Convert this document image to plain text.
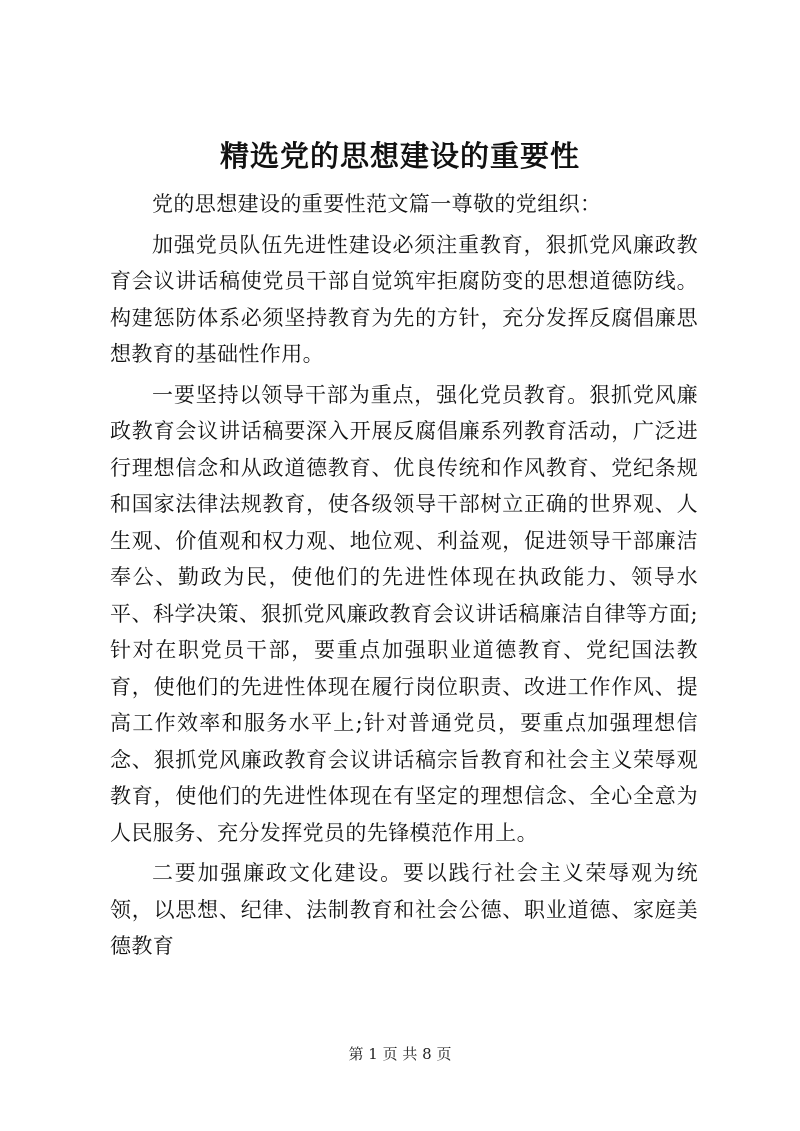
精选党的思想建设的重要性

党的思想建设的重要性范文篇一尊敬的党组织：

加强党员队伍先进性建设必须注重教育，狠抓党风廉政教育会议讲话稿使党员干部自觉筑牢拒腐防变的思想道德防线。构建惩防体系必须坚持教育为先的方针，充分发挥反腐倡廉思想教育的基础性作用。

一要坚持以领导干部为重点，强化党员教育。狠抓党风廉政教育会议讲话稿要深入开展反腐倡廉系列教育活动，广泛进行理想信念和从政道德教育、优良传统和作风教育、党纪条规和国家法律法规教育，使各级领导干部树立正确的世界观、人生观、价值观和权力观、地位观、利益观，促进领导干部廉洁奉公、勤政为民，使他们的先进性体现在执政能力、领导水平、科学决策、狠抓党风廉政教育会议讲话稿廉洁自律等方面;针对在职党员干部，要重点加强职业道德教育、党纪国法教育，使他们的先进性体现在履行岗位职责、改进工作作风、提高工作效率和服务水平上;针对普通党员，要重点加强理想信念、狠抓党风廉政教育会议讲话稿宗旨教育和社会主义荣辱观教育，使他们的先进性体现在有坚定的理想信念、全心全意为人民服务、充分发挥党员的先锋模范作用上。

二要加强廉政文化建设。要以践行社会主义荣辱观为统领，以思想、纪律、法制教育和社会公德、职业道德、家庭美德教育

第 1 页 共 8 页
